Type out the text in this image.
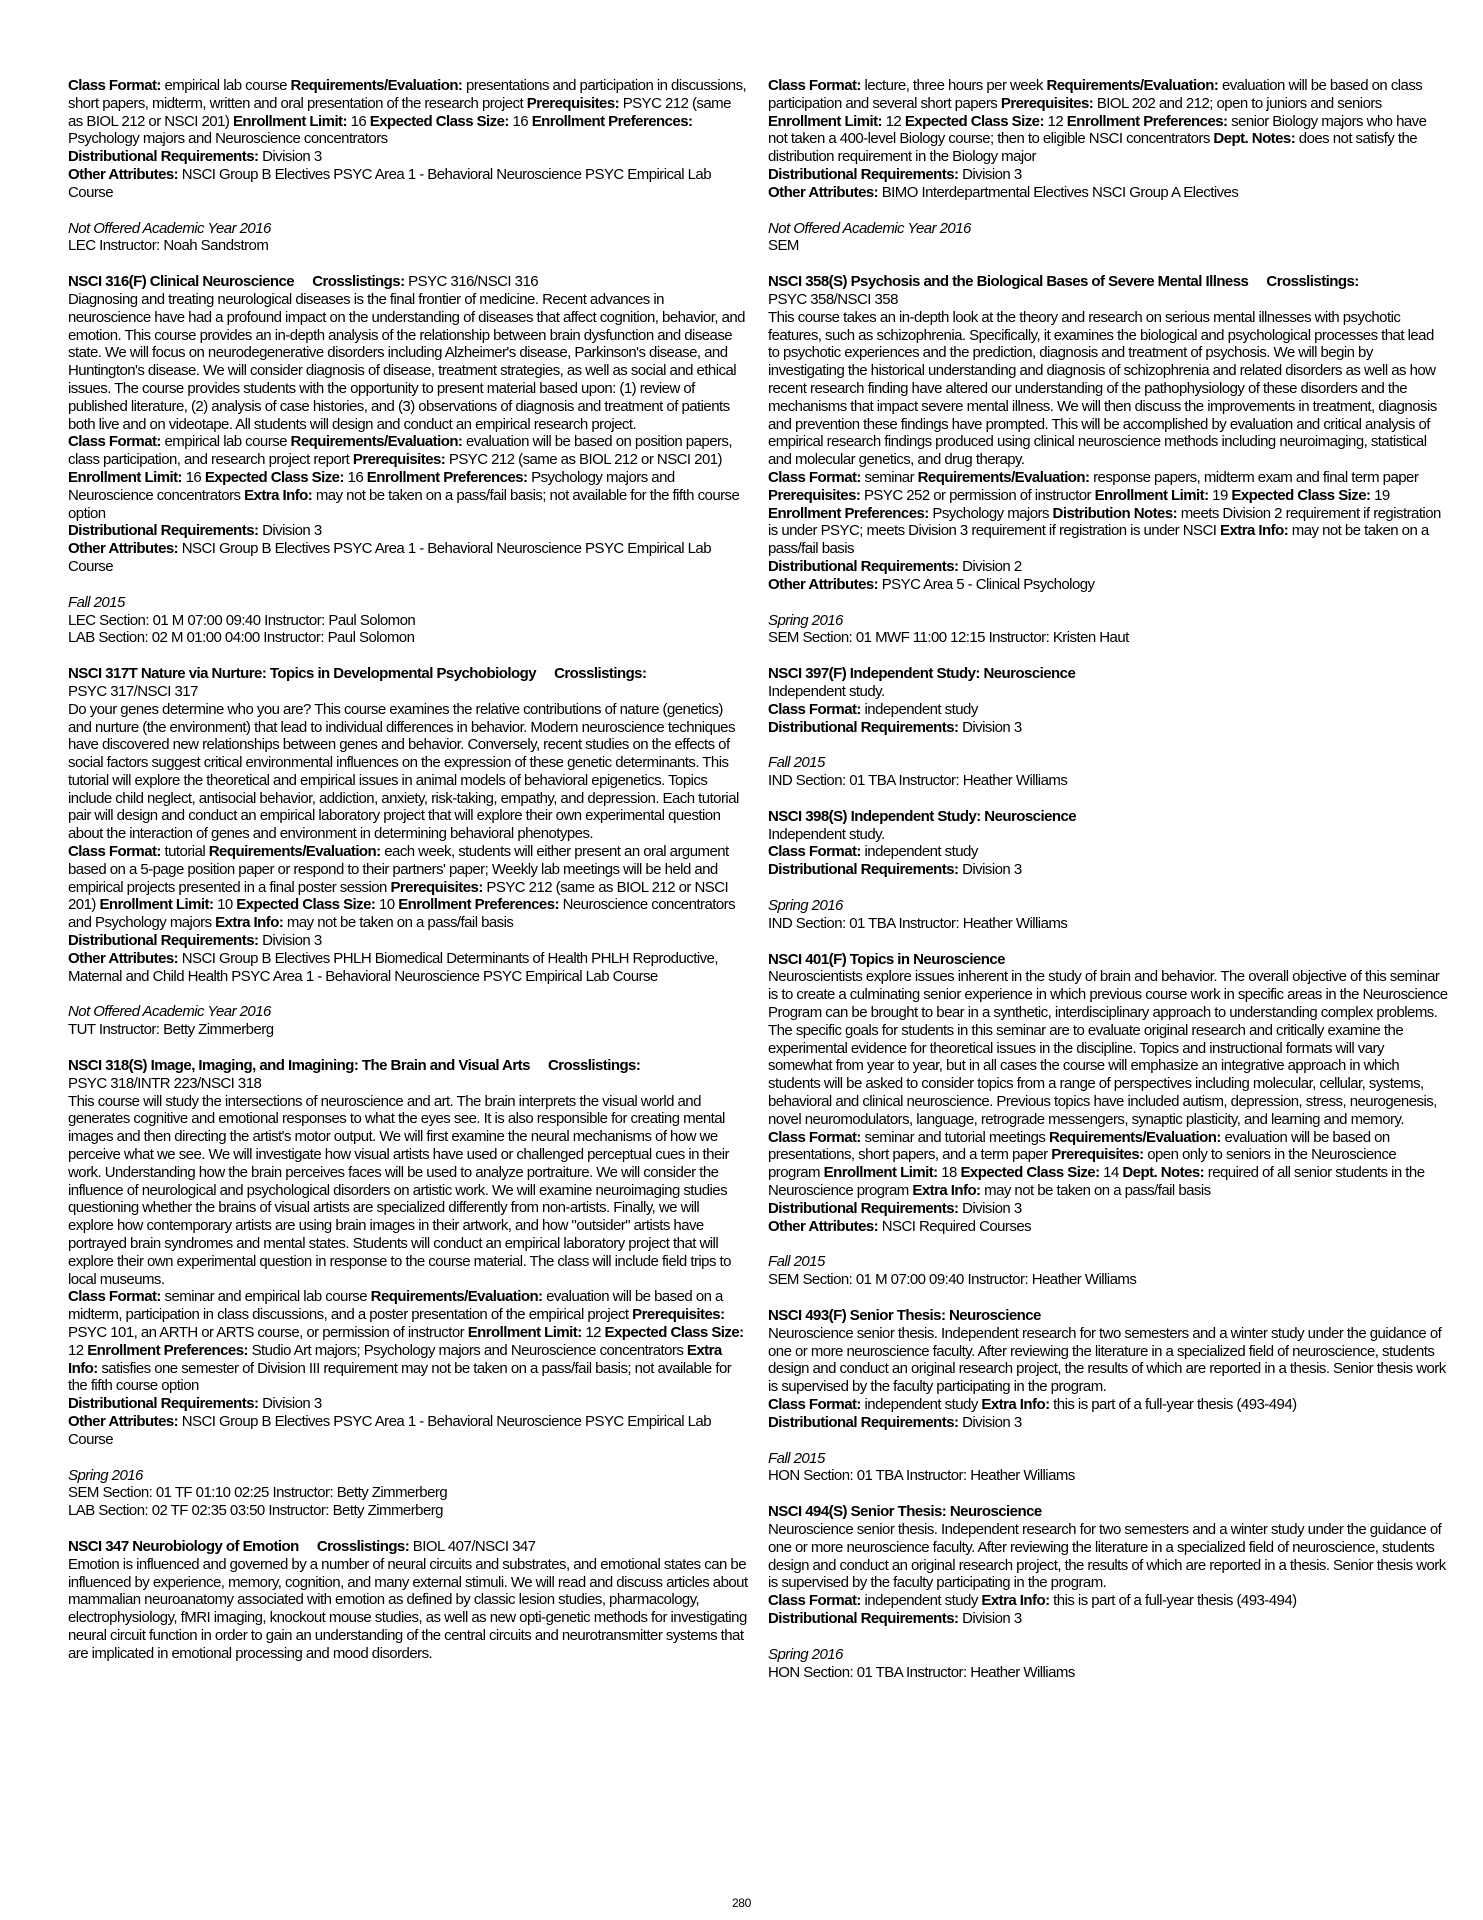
Class Format: empirical lab course Requirements/Evaluation: presentations and participation in discussions, short papers, midterm, written and oral presentation of the research project Prerequisites: PSYC 212 (same as BIOL 212 or NSCI 201) Enrollment Limit: 16 Expected Class Size: 16 Enrollment Preferences: Psychology majors and Neuroscience concentrators

Distributional Requirements: Division 3

Other Attributes: NSCI Group B Electives PSYC Area 1 - Behavioral Neuroscience PSYC Empirical Lab Course

Not Offered Academic Year 2016

LEC Instructor: Noah Sandstrom

NSCI 316(F) Clinical Neuroscience Crosslistings: PSYC 316/NSCI 316

Diagnosing and treating neurological diseases is the final frontier of medicine. Recent advances in neuroscience have had a profound impact on the understanding of diseases that affect cognition, behavior, and emotion. This course provides an in-depth analysis of the relationship between brain dysfunction and disease state. We will focus on neurodegenerative disorders including Alzheimer's disease, Parkinson's disease, and Huntington's disease. We will consider diagnosis of disease, treatment strategies, as well as social and ethical issues. The course provides students with the opportunity to present material based upon: (1) review of published literature, (2) analysis of case histories, and (3) observations of diagnosis and treatment of patients both live and on videotape. All students will design and conduct an empirical research project.

Class Format: empirical lab course Requirements/Evaluation: evaluation will be based on position papers, class participation, and research project report Prerequisites: PSYC 212 (same as BIOL 212 or NSCI 201) Enrollment Limit: 16 Expected Class Size: 16 Enrollment Preferences: Psychology majors and Neuroscience concentrators Extra Info: may not be taken on a pass/fail basis; not available for the fifth course option

Distributional Requirements: Division 3

Other Attributes: NSCI Group B Electives PSYC Area 1 - Behavioral Neuroscience PSYC Empirical Lab Course

Fall 2015

LEC Section: 01 M 07:00 09:40 Instructor: Paul Solomon

LAB Section: 02 M 01:00 04:00 Instructor: Paul Solomon

NSCI 317T Nature via Nurture: Topics in Developmental Psychobiology Crosslistings:
PSYC 317/NSCI 317

Do your genes determine who you are? This course examines the relative contributions of nature (genetics) and nurture (the environment) that lead to individual differences in behavior. Modern neuroscience techniques have discovered new relationships between genes and behavior. Conversely, recent studies on the effects of social factors suggest critical environmental influences on the expression of these genetic determinants. This tutorial will explore the theoretical and empirical issues in animal models of behavioral epigenetics. Topics include child neglect, antisocial behavior, addiction, anxiety, risk-taking, empathy, and depression. Each tutorial pair will design and conduct an empirical laboratory project that will explore their own experimental question about the interaction of genes and environment in determining behavioral phenotypes.

Class Format: tutorial Requirements/Evaluation: each week, students will either present an oral argument based on a 5-page position paper or respond to their partners' paper; Weekly lab meetings will be held and empirical projects presented in a final poster session Prerequisites: PSYC 212 (same as BIOL 212 or NSCI 201) Enrollment Limit: 10 Expected Class Size: 10 Enrollment Preferences: Neuroscience concentrators and Psychology majors Extra Info: may not be taken on a pass/fail basis

Distributional Requirements: Division 3

Other Attributes: NSCI Group B Electives PHLH Biomedical Determinants of Health PHLH Reproductive, Maternal and Child Health PSYC Area 1 - Behavioral Neuroscience PSYC Empirical Lab Course

Not Offered Academic Year 2016

TUT Instructor: Betty Zimmerberg

NSCI 318(S) Image, Imaging, and Imagining: The Brain and Visual Arts Crosslistings:
PSYC 318/INTR 223/NSCI 318

This course will study the intersections of neuroscience and art. The brain interprets the visual world and generates cognitive and emotional responses to what the eyes see. It is also responsible for creating mental images and then directing the artist's motor output. We will first examine the neural mechanisms of how we perceive what we see. We will investigate how visual artists have used or challenged perceptual cues in their work. Understanding how the brain perceives faces will be used to analyze portraiture. We will consider the influence of neurological and psychological disorders on artistic work. We will examine neuroimaging studies questioning whether the brains of visual artists are specialized differently from non-artists. Finally, we will explore how contemporary artists are using brain images in their artwork, and how "outsider" artists have portrayed brain syndromes and mental states. Students will conduct an empirical laboratory project that will explore their own experimental question in response to the course material. The class will include field trips to local museums.

Class Format: seminar and empirical lab course Requirements/Evaluation: evaluation will be based on a midterm, participation in class discussions, and a poster presentation of the empirical project Prerequisites: PSYC 101, an ARTH or ARTS course, or permission of instructor Enrollment Limit: 12 Expected Class Size: 12 Enrollment Preferences: Studio Art majors; Psychology majors and Neuroscience concentrators Extra Info: satisfies one semester of Division III requirement may not be taken on a pass/fail basis; not available for the fifth course option

Distributional Requirements: Division 3

Other Attributes: NSCI Group B Electives PSYC Area 1 - Behavioral Neuroscience PSYC Empirical Lab Course

Spring 2016

SEM Section: 01 TF 01:10 02:25 Instructor: Betty Zimmerberg

LAB Section: 02 TF 02:35 03:50 Instructor: Betty Zimmerberg

NSCI 347 Neurobiology of Emotion Crosslistings: BIOL 407/NSCI 347

Emotion is influenced and governed by a number of neural circuits and substrates, and emotional states can be influenced by experience, memory, cognition, and many external stimuli. We will read and discuss articles about mammalian neuroanatomy associated with emotion as defined by classic lesion studies, pharmacology, electrophysiology, fMRI imaging, knockout mouse studies, as well as new opti-genetic methods for investigating neural circuit function in order to gain an understanding of the central circuits and neurotransmitter systems that are implicated in emotional processing and mood disorders.

Class Format: lecture, three hours per week Requirements/Evaluation: evaluation will be based on class participation and several short papers Prerequisites: BIOL 202 and 212; open to juniors and seniors Enrollment Limit: 12 Expected Class Size: 12 Enrollment Preferences: senior Biology majors who have not taken a 400-level Biology course; then to eligible NSCI concentrators Dept. Notes: does not satisfy the distribution requirement in the Biology major

Distributional Requirements: Division 3

Other Attributes: BIMO Interdepartmental Electives NSCI Group A Electives

Not Offered Academic Year 2016

SEM

NSCI 358(S) Psychosis and the Biological Bases of Severe Mental Illness Crosslistings:
PSYC 358/NSCI 358

This course takes an in-depth look at the theory and research on serious mental illnesses with psychotic features, such as schizophrenia. Specifically, it examines the biological and psychological processes that lead to psychotic experiences and the prediction, diagnosis and treatment of psychosis. We will begin by investigating the historical understanding and diagnosis of schizophrenia and related disorders as well as how recent research finding have altered our understanding of the pathophysiology of these disorders and the mechanisms that impact severe mental illness. We will then discuss the improvements in treatment, diagnosis and prevention these findings have prompted. This will be accomplished by evaluation and critical analysis of empirical research findings produced using clinical neuroscience methods including neuroimaging, statistical and molecular genetics, and drug therapy.

Class Format: seminar Requirements/Evaluation: response papers, midterm exam and final term paper Prerequisites: PSYC 252 or permission of instructor Enrollment Limit: 19 Expected Class Size: 19 Enrollment Preferences: Psychology majors Distribution Notes: meets Division 2 requirement if registration is under PSYC; meets Division 3 requirement if registration is under NSCI Extra Info: may not be taken on a pass/fail basis

Distributional Requirements: Division 2

Other Attributes: PSYC Area 5 - Clinical Psychology

Spring 2016

SEM Section: 01 MWF 11:00 12:15 Instructor: Kristen Haut

NSCI 397(F) Independent Study: Neuroscience

Independent study.

Class Format: independent study

Distributional Requirements: Division 3

Fall 2015

IND Section: 01 TBA Instructor: Heather Williams

NSCI 398(S) Independent Study: Neuroscience

Independent study.

Class Format: independent study

Distributional Requirements: Division 3

Spring 2016

IND Section: 01 TBA Instructor: Heather Williams

NSCI 401(F) Topics in Neuroscience

Neuroscientists explore issues inherent in the study of brain and behavior. The overall objective of this seminar is to create a culminating senior experience in which previous course work in specific areas in the Neuroscience Program can be brought to bear in a synthetic, interdisciplinary approach to understanding complex problems. The specific goals for students in this seminar are to evaluate original research and critically examine the experimental evidence for theoretical issues in the discipline. Topics and instructional formats will vary somewhat from year to year, but in all cases the course will emphasize an integrative approach in which students will be asked to consider topics from a range of perspectives including molecular, cellular, systems, behavioral and clinical neuroscience. Previous topics have included autism, depression, stress, neurogenesis, novel neuromodulators, language, retrograde messengers, synaptic plasticity, and learning and memory.

Class Format: seminar and tutorial meetings Requirements/Evaluation: evaluation will be based on presentations, short papers, and a term paper Prerequisites: open only to seniors in the Neuroscience program Enrollment Limit: 18 Expected Class Size: 14 Dept. Notes: required of all senior students in the Neuroscience program Extra Info: may not be taken on a pass/fail basis

Distributional Requirements: Division 3

Other Attributes: NSCI Required Courses

Fall 2015

SEM Section: 01 M 07:00 09:40 Instructor: Heather Williams

NSCI 493(F) Senior Thesis: Neuroscience

Neuroscience senior thesis. Independent research for two semesters and a winter study under the guidance of one or more neuroscience faculty. After reviewing the literature in a specialized field of neuroscience, students design and conduct an original research project, the results of which are reported in a thesis. Senior thesis work is supervised by the faculty participating in the program.

Class Format: independent study Extra Info: this is part of a full-year thesis (493-494)

Distributional Requirements: Division 3

Fall 2015

HON Section: 01 TBA Instructor: Heather Williams

NSCI 494(S) Senior Thesis: Neuroscience

Neuroscience senior thesis. Independent research for two semesters and a winter study under the guidance of one or more neuroscience faculty. After reviewing the literature in a specialized field of neuroscience, students design and conduct an original research project, the results of which are reported in a thesis. Senior thesis work is supervised by the faculty participating in the program.

Class Format: independent study Extra Info: this is part of a full-year thesis (493-494)

Distributional Requirements: Division 3

Spring 2016

HON Section: 01 TBA Instructor: Heather Williams

280
